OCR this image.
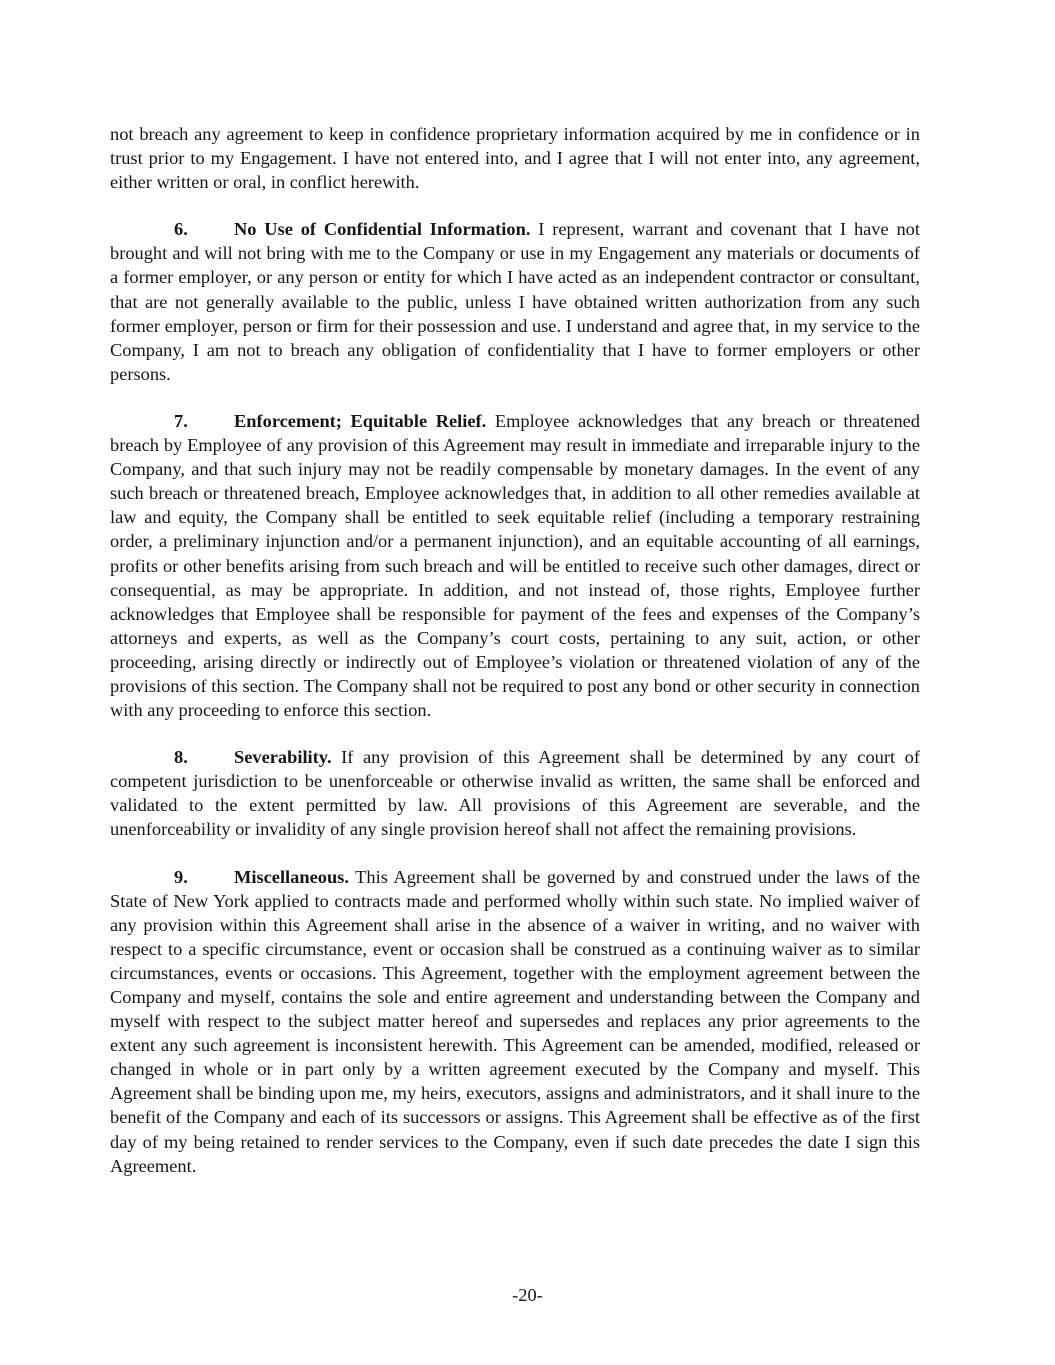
not breach any agreement to keep in confidence proprietary information acquired by me in confidence or in trust prior to my Engagement. I have not entered into, and I agree that I will not enter into, any agreement, either written or oral, in conflict herewith.

6.	No Use of Confidential Information. I represent, warrant and covenant that I have not brought and will not bring with me to the Company or use in my Engagement any materials or documents of a former employer, or any person or entity for which I have acted as an independent contractor or consultant, that are not generally available to the public, unless I have obtained written authorization from any such former employer, person or firm for their possession and use. I understand and agree that, in my service to the Company, I am not to breach any obligation of confidentiality that I have to former employers or other persons.

7.	Enforcement; Equitable Relief. Employee acknowledges that any breach or threatened breach by Employee of any provision of this Agreement may result in immediate and irreparable injury to the Company, and that such injury may not be readily compensable by monetary damages. In the event of any such breach or threatened breach, Employee acknowledges that, in addition to all other remedies available at law and equity, the Company shall be entitled to seek equitable relief (including a temporary restraining order, a preliminary injunction and/or a permanent injunction), and an equitable accounting of all earnings, profits or other benefits arising from such breach and will be entitled to receive such other damages, direct or consequential, as may be appropriate. In addition, and not instead of, those rights, Employee further acknowledges that Employee shall be responsible for payment of the fees and expenses of the Company’s attorneys and experts, as well as the Company’s court costs, pertaining to any suit, action, or other proceeding, arising directly or indirectly out of Employee’s violation or threatened violation of any of the provisions of this section. The Company shall not be required to post any bond or other security in connection with any proceeding to enforce this section.

8.	Severability. If any provision of this Agreement shall be determined by any court of competent jurisdiction to be unenforceable or otherwise invalid as written, the same shall be enforced and validated to the extent permitted by law. All provisions of this Agreement are severable, and the unenforceability or invalidity of any single provision hereof shall not affect the remaining provisions.

9.	Miscellaneous. This Agreement shall be governed by and construed under the laws of the State of New York applied to contracts made and performed wholly within such state. No implied waiver of any provision within this Agreement shall arise in the absence of a waiver in writing, and no waiver with respect to a specific circumstance, event or occasion shall be construed as a continuing waiver as to similar circumstances, events or occasions. This Agreement, together with the employment agreement between the Company and myself, contains the sole and entire agreement and understanding between the Company and myself with respect to the subject matter hereof and supersedes and replaces any prior agreements to the extent any such agreement is inconsistent herewith. This Agreement can be amended, modified, released or changed in whole or in part only by a written agreement executed by the Company and myself. This Agreement shall be binding upon me, my heirs, executors, assigns and administrators, and it shall inure to the benefit of the Company and each of its successors or assigns. This Agreement shall be effective as of the first day of my being retained to render services to the Company, even if such date precedes the date I sign this Agreement.

-20-
